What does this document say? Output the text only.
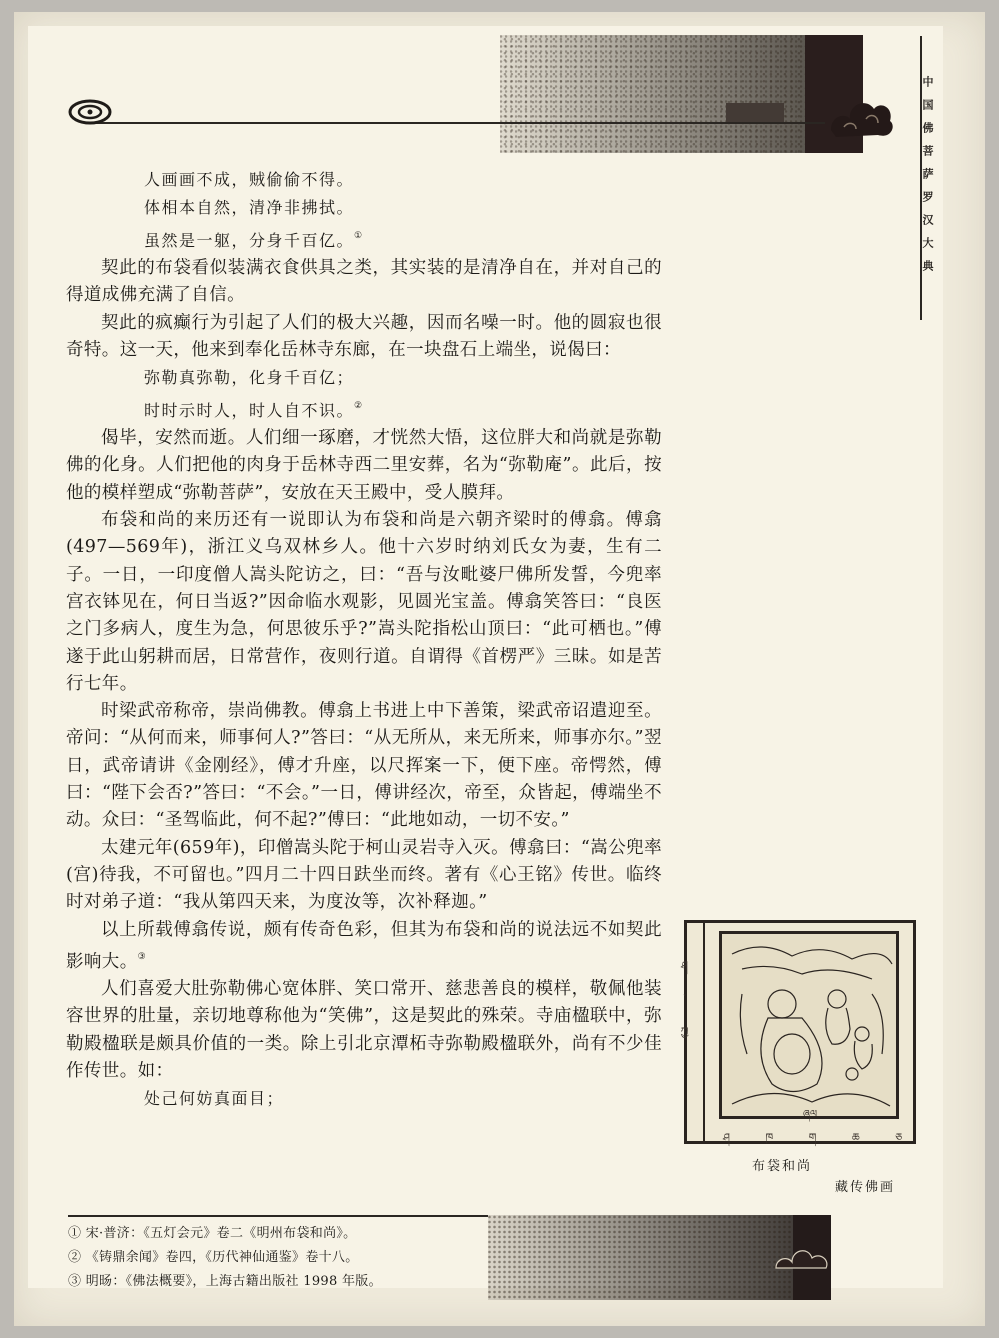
中国佛菩萨罗汉大典
人画画不成，贼偷偷不得。
体相本自然，清净非拂拭。
虽然是一躯，分身千百亿。①

契此的布袋看似装满衣食供具之类，其实装的是清净自在，并对自己的得道成佛充满了自信。

契此的疯癫行为引起了人们的极大兴趣，因而名噪一时。他的圆寂也很奇特。这一天，他来到奉化岳林寺东廊，在一块盘石上端坐，说偈曰：

弥勒真弥勒，化身千百亿；
时时示时人，时人自不识。②

偈毕，安然而逝。人们细一琢磨，才恍然大悟，这位胖大和尚就是弥勒佛的化身。人们把他的肉身于岳林寺西二里安葬，名为“弥勒庵”。此后，按他的模样塑成“弥勒菩萨”，安放在天王殿中，受人膜拜。

布袋和尚的来历还有一说即认为布袋和尚是六朝齐梁时的傅翕。傅翕(497—569年)，浙江义乌双林乡人。他十六岁时纳刘氏女为妻，生有二子。一日，一印度僧人嵩头陀访之，曰：“吾与汝毗婆尸佛所发誓，今兜率宫衣钵见在，何日当返?”因命临水观影，见圆光宝盖。傅翕笑答曰：“良医之门多病人，度生为急，何思彼乐乎?”嵩头陀指松山顶曰：“此可栖也。”傅遂于此山躬耕而居，日常营作，夜则行道。自谓得《首楞严》三昧。如是苦行七年。

时梁武帝称帝，崇尚佛教。傅翕上书进上中下善策，梁武帝诏遣迎至。帝问：“从何而来，师事何人?”答曰：“从无所从，来无所来，师事亦尔。”翌日，武帝请讲《金刚经》，傅才升座，以尺挥案一下，便下座。帝愕然，傅曰：“陛下会否?”答曰：“不会。”一日，傅讲经次，帝至，众皆起，傅端坐不动。众曰：“圣驾临此，何不起?”傅曰：“此地如动，一切不安。”

太建元年(659年)，印僧嵩头陀于柯山灵岩寺入灭。傅翕曰：“嵩公兜率(宫)待我，不可留也。”四月二十四日趺坐而终。著有《心王铭》传世。临终时对弟子道：“我从第四天来，为度汝等，次补释迦。”

以上所载傅翕传说，颇有传奇色彩，但其为布袋和尚的说法远不如契此影响大。③

人们喜爱大肚弥勒佛心宽体胖、笑口常开、慈悲善良的模样，敬佩他装容世界的肚量，亲切地尊称他为“笑佛”，这是契此的殊荣。寺庙楹联中，弥勒殿楹联是颇具价值的一类。除上引北京潭柘寺弥勒殿楹联外，尚有不少佳作传世。如：

处己何妨真面目；
ཤ་ཀྱ
ཞལ
ཤ ཁ ག ཆ ཅ
布袋和尚
藏传佛画
① 宋·普济：《五灯会元》卷二《明州布袋和尚》。
② 《铸鼎余闻》卷四，《历代神仙通鉴》卷十八。
③ 明旸：《佛法概要》，上海古籍出版社 1998 年版。
